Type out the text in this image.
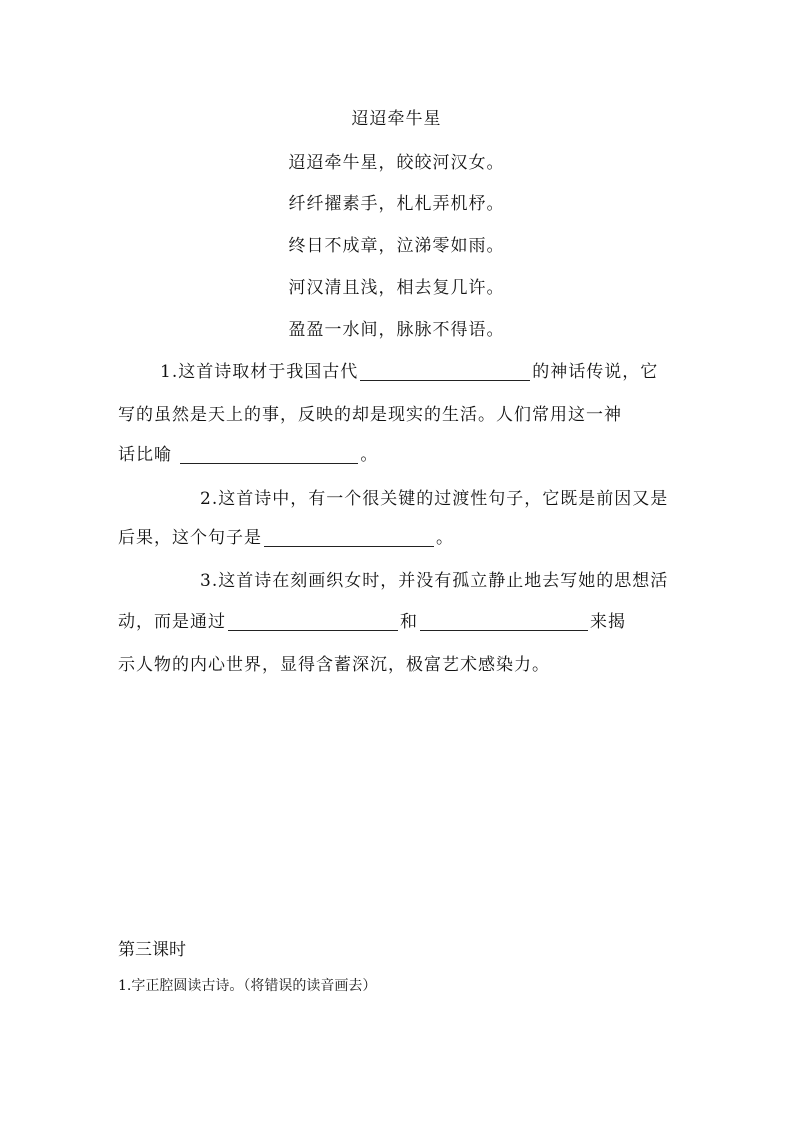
迢迢牵牛星
迢迢牵牛星，皎皎河汉女。
纤纤擢素手，札札弄机杼。
终日不成章，泣涕零如雨。
河汉清且浅，相去复几许。
盈盈一水间，脉脉不得语。
1.这首诗取材于我国古代	的神话传说，它
写的虽然是天上的事，反映的却是现实的生活。人们常用这一神
话比喻	。
2.这首诗中，有一个很关键的过渡性句子，它既是前因又是
后果，这个句子是	。
3.这首诗在刻画织女时，并没有孤立静止地去写她的思想活
动，而是通过	和	来揭
示人物的内心世界，显得含蓄深沉，极富艺术感染力。
第三课时
1.字正腔圆读古诗。（将错误的读音画去）
